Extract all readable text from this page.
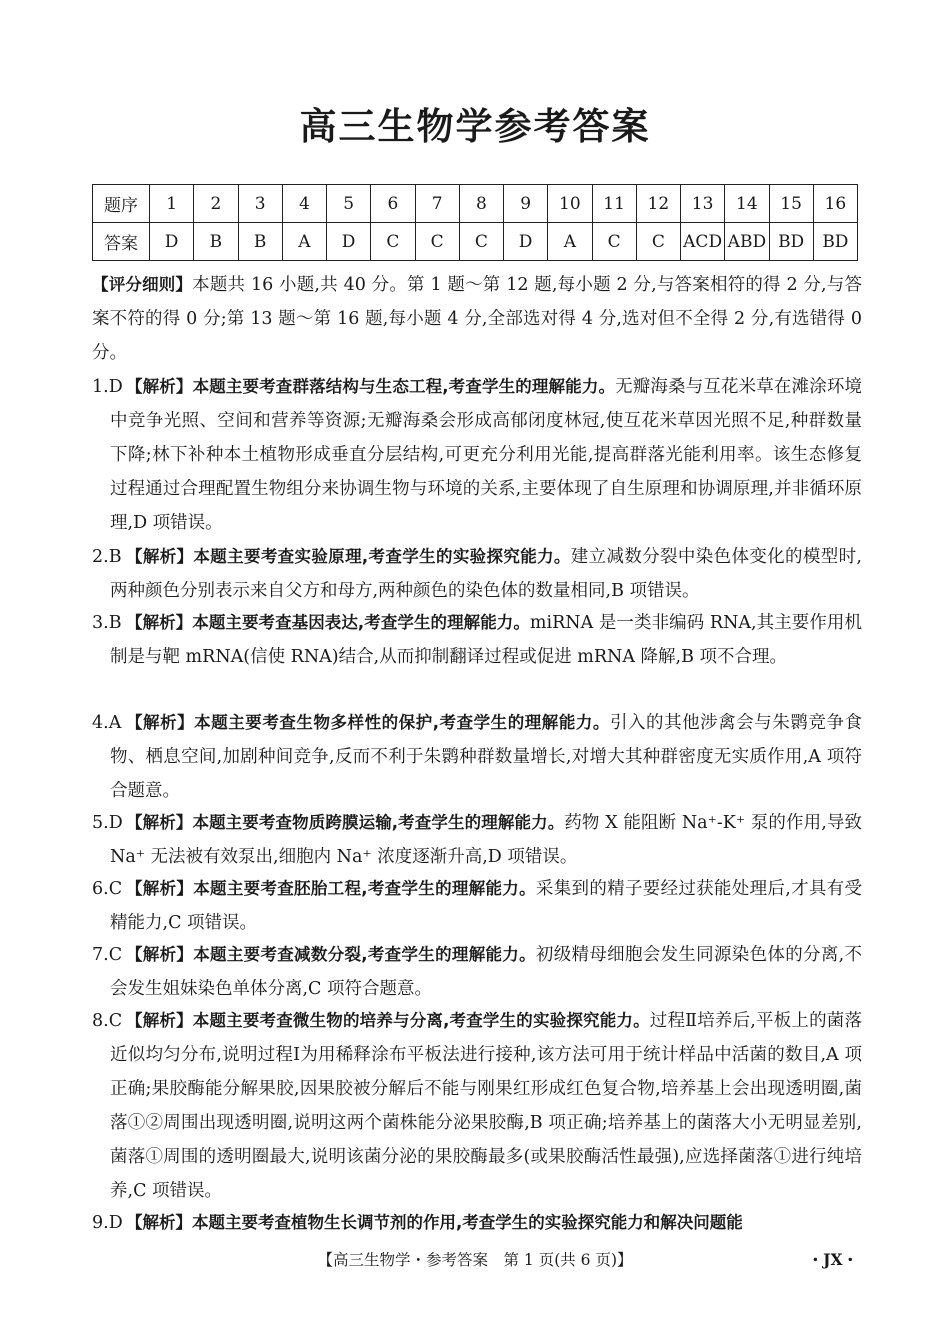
高三生物学参考答案
题序	1	2	3	4	5	6	7	8	9	10	11	12	13	14	15	16
答案	D	B	B	A	D	C	C	C	D	A	C	C	ACD	ABD	BD	BD
【评分细则】本题共 16 小题,共 40 分。第 1 题～第 12 题,每小题 2 分,与答案相符的得 2 分,与答案不符的得 0 分;第 13 题～第 16 题,每小题 4 分,全部选对得 4 分,选对但不全得 2 分,有选错得 0 分。
1.D 【解析】本题主要考查群落结构与生态工程,考查学生的理解能力。无瓣海桑与互花米草在滩涂环境中竞争光照、空间和营养等资源;无瓣海桑会形成高郁闭度林冠,使互花米草因光照不足,种群数量下降;林下补种本土植物形成垂直分层结构,可更充分利用光能,提高群落光能利用率。该生态修复过程通过合理配置生物组分来协调生物与环境的关系,主要体现了自生原理和协调原理,并非循环原理,D 项错误。
2.B 【解析】本题主要考查实验原理,考查学生的实验探究能力。建立减数分裂中染色体变化的模型时,两种颜色分别表示来自父方和母方,两种颜色的染色体的数量相同,B 项错误。
3.B 【解析】本题主要考查基因表达,考查学生的理解能力。miRNA 是一类非编码 RNA,其主要作用机制是与靶 mRNA(信使 RNA)结合,从而抑制翻译过程或促进 mRNA 降解,B 项不合理。
4.A 【解析】本题主要考查生物多样性的保护,考查学生的理解能力。引入的其他涉禽会与朱鹮竞争食物、栖息空间,加剧种间竞争,反而不利于朱鹮种群数量增长,对增大其种群密度无实质作用,A 项符合题意。
5.D 【解析】本题主要考查物质跨膜运输,考查学生的理解能力。药物 X 能阻断 Na⁺-K⁺ 泵的作用,导致 Na⁺ 无法被有效泵出,细胞内 Na⁺ 浓度逐渐升高,D 项错误。
6.C 【解析】本题主要考查胚胎工程,考查学生的理解能力。采集到的精子要经过获能处理后,才具有受精能力,C 项错误。
7.C 【解析】本题主要考查减数分裂,考查学生的理解能力。初级精母细胞会发生同源染色体的分离,不会发生姐妹染色单体分离,C 项符合题意。
8.C 【解析】本题主要考查微生物的培养与分离,考查学生的实验探究能力。过程Ⅱ培养后,平板上的菌落近似均匀分布,说明过程Ⅰ为用稀释涂布平板法进行接种,该方法可用于统计样品中活菌的数目,A 项正确;果胶酶能分解果胶,因果胶被分解后不能与刚果红形成红色复合物,培养基上会出现透明圈,菌落①②周围出现透明圈,说明这两个菌株能分泌果胶酶,B 项正确;培养基上的菌落大小无明显差别,菌落①周围的透明圈最大,说明该菌分泌的果胶酶最多(或果胶酶活性最强),应选择菌落①进行纯培养,C 项错误。
9.D 【解析】本题主要考查植物生长调节剂的作用,考查学生的实验探究能力和解决问题能
【高三生物学・参考答案　第 1 页(共 6 页)】	・JX・
